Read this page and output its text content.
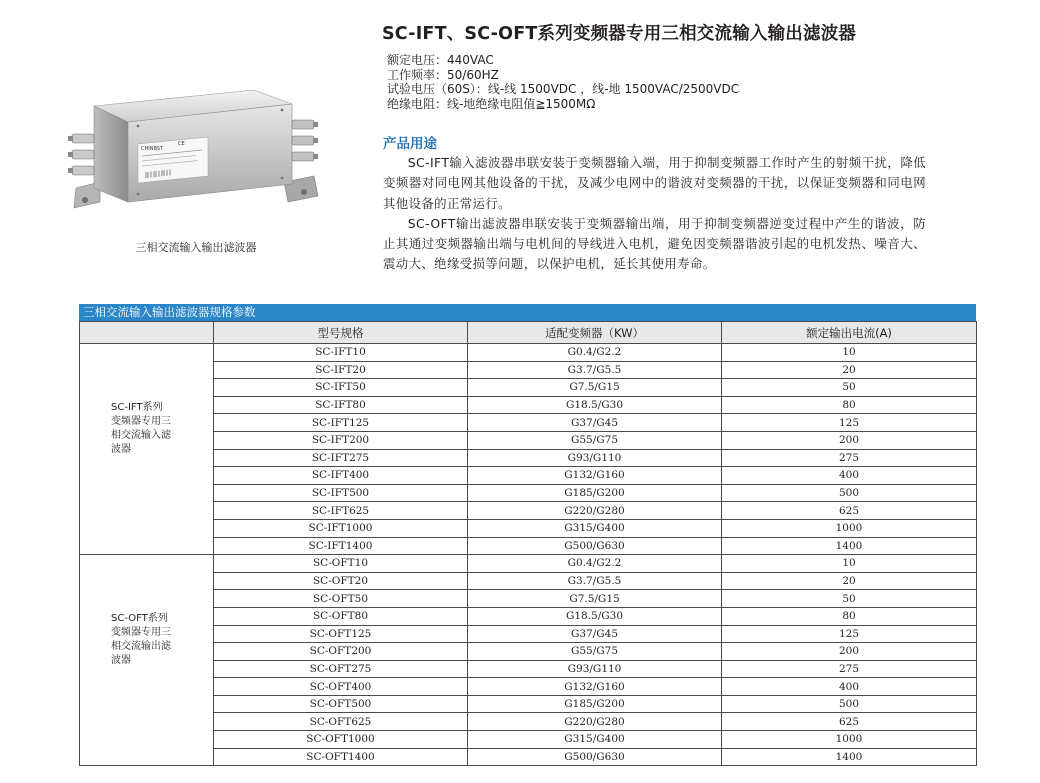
CHINBST
CE
三相交流输入输出滤波器
SC-IFT、SC-OFT系列变频器专用三相交流输入输出滤波器
额定电压：440VAC
工作频率：50/60HZ
试验电压（60S）：线-线 1500VDC ，线-地 1500VAC/2500VDC
绝缘电阻：线-地绝缘电阻值≧1500MΩ
产品用途

SC-IFT输入滤波器串联安装于变频器输入端，用于抑制变频器工作时产生的射频干扰，降低变频器对同电网其他设备的干扰，及减少电网中的谐波对变频器的干扰，以保证变频器和同电网其他设备的正常运行。

SC-OFT输出滤波器串联安装于变频器输出端，用于抑制变频器逆变过程中产生的谐波，防止其通过变频器输出端与电机间的导线进入电机，避免因变频器谐波引起的电机发热、噪音大、震动大、绝缘受损等问题，以保护电机，延长其使用寿命。

三相交流输入输出滤波器规格参数
	型号规格	适配变频器（KW）	额定输出电流(A)

SC-IFT系列变频器专用三相交流输入滤波器	SC-IFT10	G0.4/G2.2	10
	SC-IFT20	G3.7/G5.5	20
	SC-IFT50	G7.5/G15	50
	SC-IFT80	G18.5/G30	80
	SC-IFT125	G37/G45	125
	SC-IFT200	G55/G75	200
	SC-IFT275	G93/G110	275
	SC-IFT400	G132/G160	400
	SC-IFT500	G185/G200	500
	SC-IFT625	G220/G280	625
	SC-IFT1000	G315/G400	1000
	SC-IFT1400	G500/G630	1400

SC-OFT系列变频器专用三相交流输出滤波器	SC-OFT10	G0.4/G2.2	10
	SC-OFT20	G3.7/G5.5	20
	SC-OFT50	G7.5/G15	50
	SC-OFT80	G18.5/G30	80
	SC-OFT125	G37/G45	125
	SC-OFT200	G55/G75	200
	SC-OFT275	G93/G110	275
	SC-OFT400	G132/G160	400
	SC-OFT500	G185/G200	500
	SC-OFT625	G220/G280	625
	SC-OFT1000	G315/G400	1000
	SC-OFT1400	G500/G630	1400
